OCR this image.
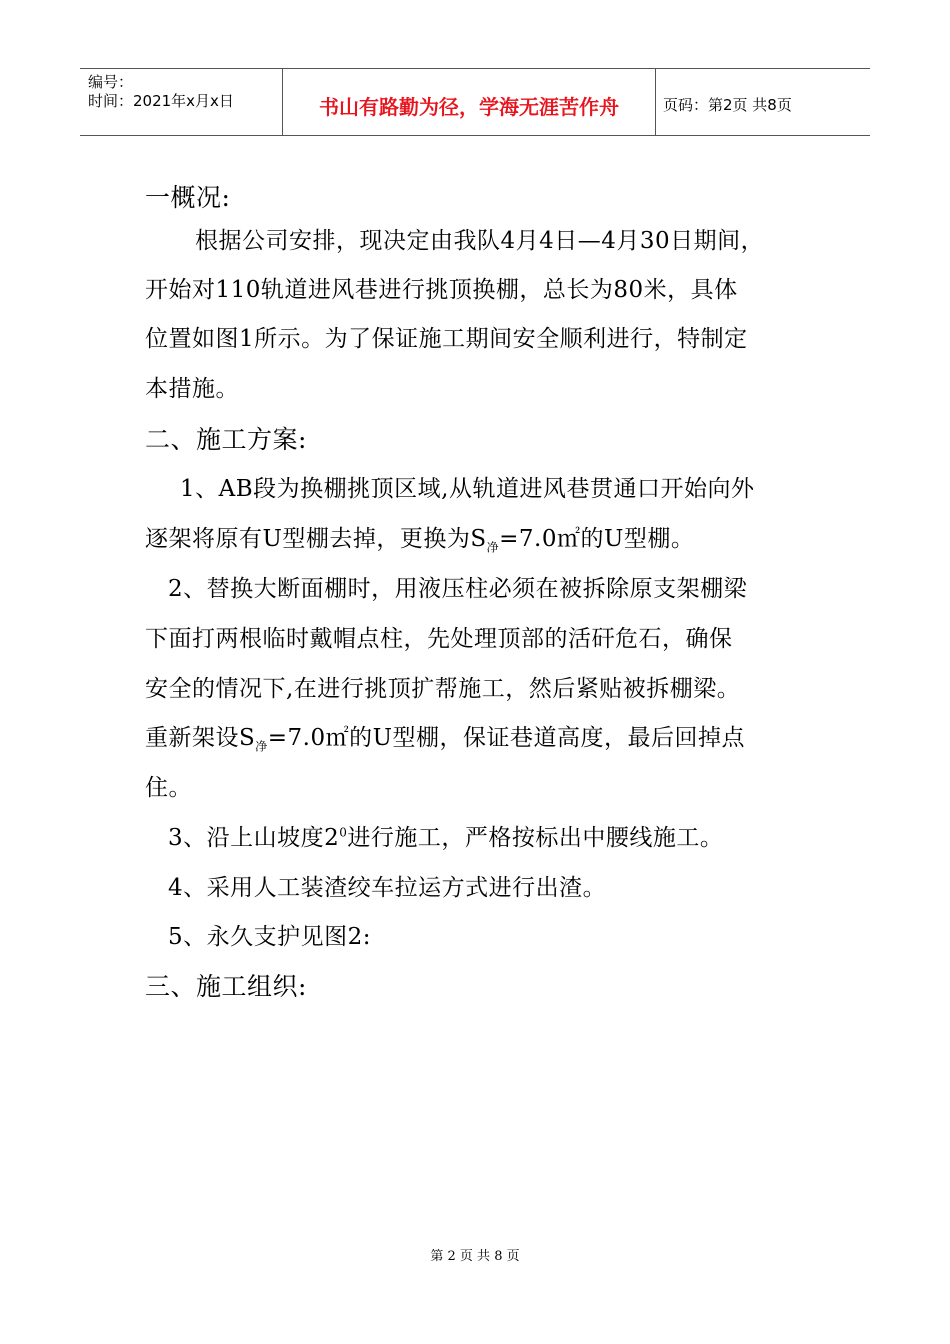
编号：
时间：2021年x月x日	书山有路勤为径，学海无涯苦作舟	页码：第2页 共8页
一概况:
根据公司安排，现决定由我队4月4日—4月30日期间，
开始对110轨道进风巷进行挑顶换棚，总长为80米，具体
位置如图1所示。为了保证施工期间安全顺利进行，特制定
本措施。
二、施工方案:
1、AB段为换棚挑顶区域,从轨道进风巷贯通口开始向外
逐架将原有U型棚去掉，更换为$S_净=7.0㎡$的U型棚。
2、替换大断面棚时，用液压柱必须在被拆除原支架棚梁
下面打两根临时戴帽点柱，先处理顶部的活矸危石，确保
安全的情况下,在进行挑顶扩帮施工，然后紧贴被拆棚梁。
重新架设$S_净=7.0㎡$的U型棚，保证巷道高度，最后回掉点
住。
3、沿上山坡度$2^0$进行施工，严格按标出中腰线施工。
4、采用人工装渣绞车拉运方式进行出渣。
5、永久支护见图2:
三、施工组织:
第 2 页 共 8 页
